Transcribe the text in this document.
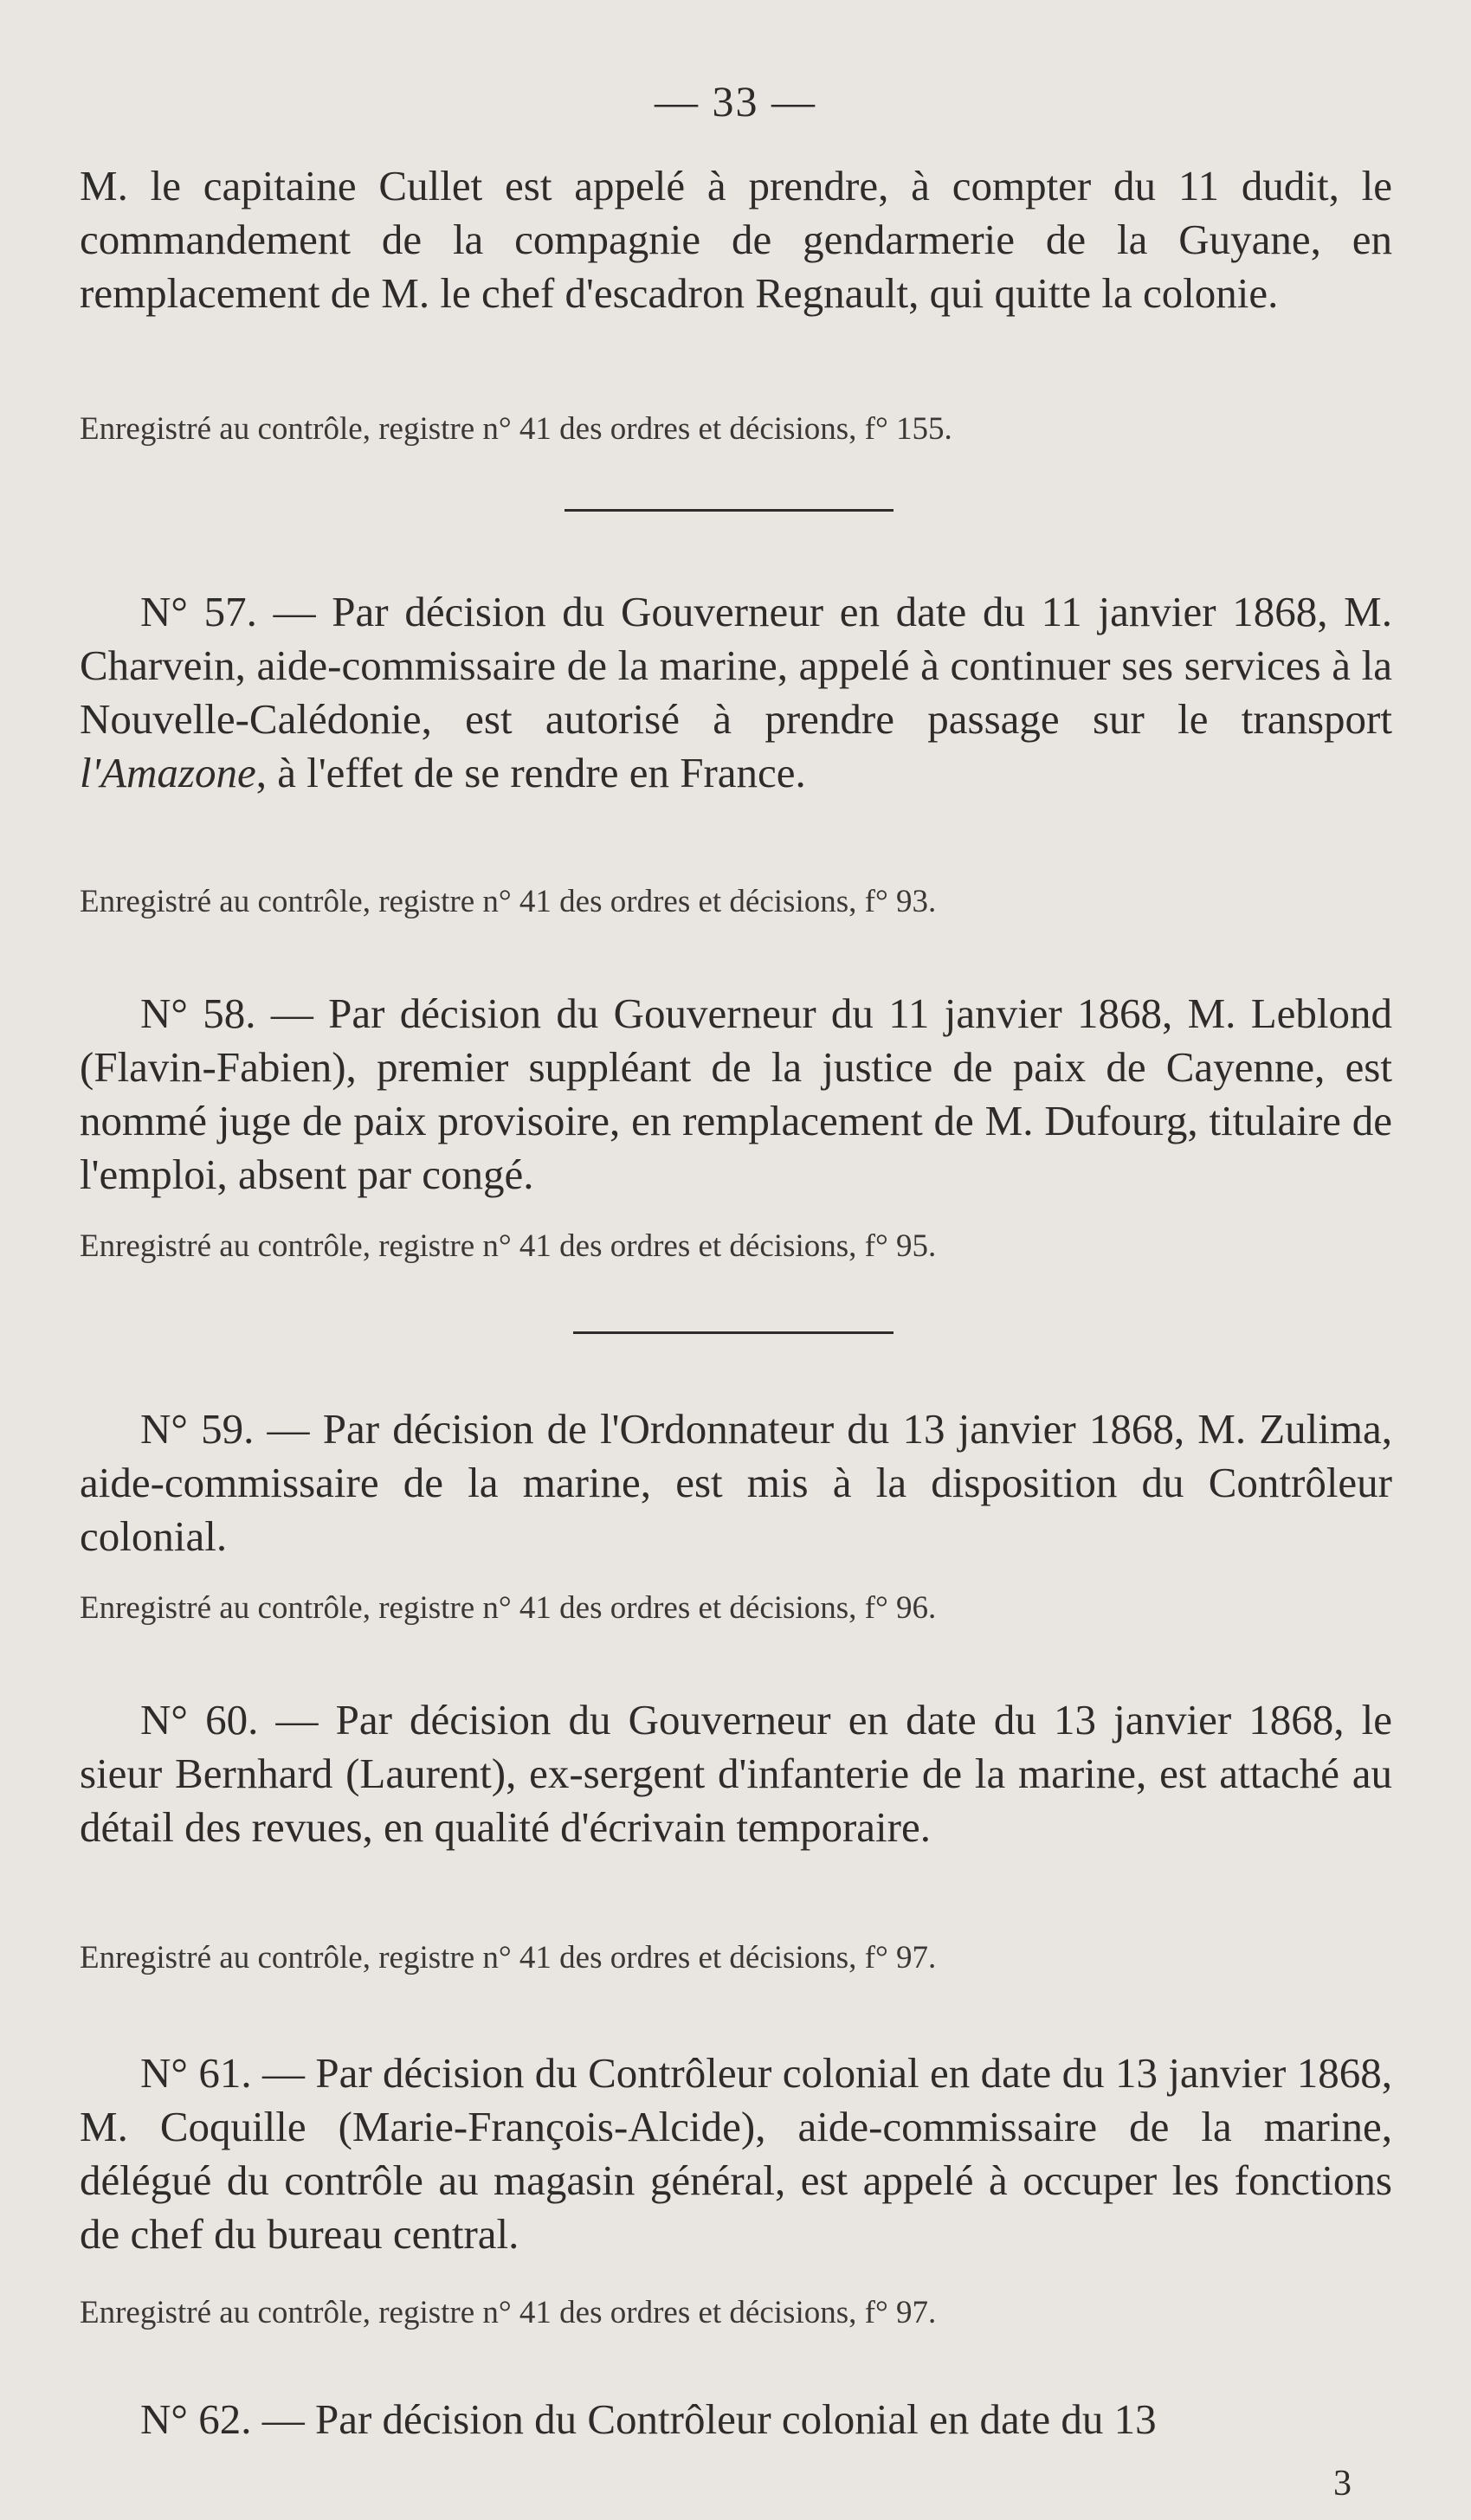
— 33 —

M. le capitaine Cullet est appelé à prendre, à compter du 11 dudit, le commandement de la compagnie de gendarmerie de la Guyane, en remplacement de M. le chef d'escadron Regnault, qui quitte la colonie.

Enregistré au contrôle, registre n° 41 des ordres et décisions, f° 155.

N° 57. — Par décision du Gouverneur en date du 11 janvier 1868, M. Charvein, aide-commissaire de la marine, appelé à continuer ses services à la Nouvelle-Calédonie, est autorisé à prendre passage sur le transport l'Amazone, à l'effet de se rendre en France.

Enregistré au contrôle, registre n° 41 des ordres et décisions, f° 93.

N° 58. — Par décision du Gouverneur du 11 janvier 1868, M. Leblond (Flavin-Fabien), premier suppléant de la justice de paix de Cayenne, est nommé juge de paix provisoire, en remplacement de M. Dufourg, titulaire de l'emploi, absent par congé.

Enregistré au contrôle, registre n° 41 des ordres et décisions, f° 95.

N° 59. — Par décision de l'Ordonnateur du 13 janvier 1868, M. Zulima, aide-commissaire de la marine, est mis à la disposition du Contrôleur colonial.

Enregistré au contrôle, registre n° 41 des ordres et décisions, f° 96.

N° 60. — Par décision du Gouverneur en date du 13 janvier 1868, le sieur Bernhard (Laurent), ex-sergent d'infanterie de la marine, est attaché au détail des revues, en qualité d'écrivain temporaire.

Enregistré au contrôle, registre n° 41 des ordres et décisions, f° 97.

N° 61. — Par décision du Contrôleur colonial en date du 13 janvier 1868, M. Coquille (Marie-François-Alcide), aide-commissaire de la marine, délégué du contrôle au magasin général, est appelé à occuper les fonctions de chef du bureau central.

Enregistré au contrôle, registre n° 41 des ordres et décisions, f° 97.

N° 62. — Par décision du Contrôleur colonial en date du 13

3
